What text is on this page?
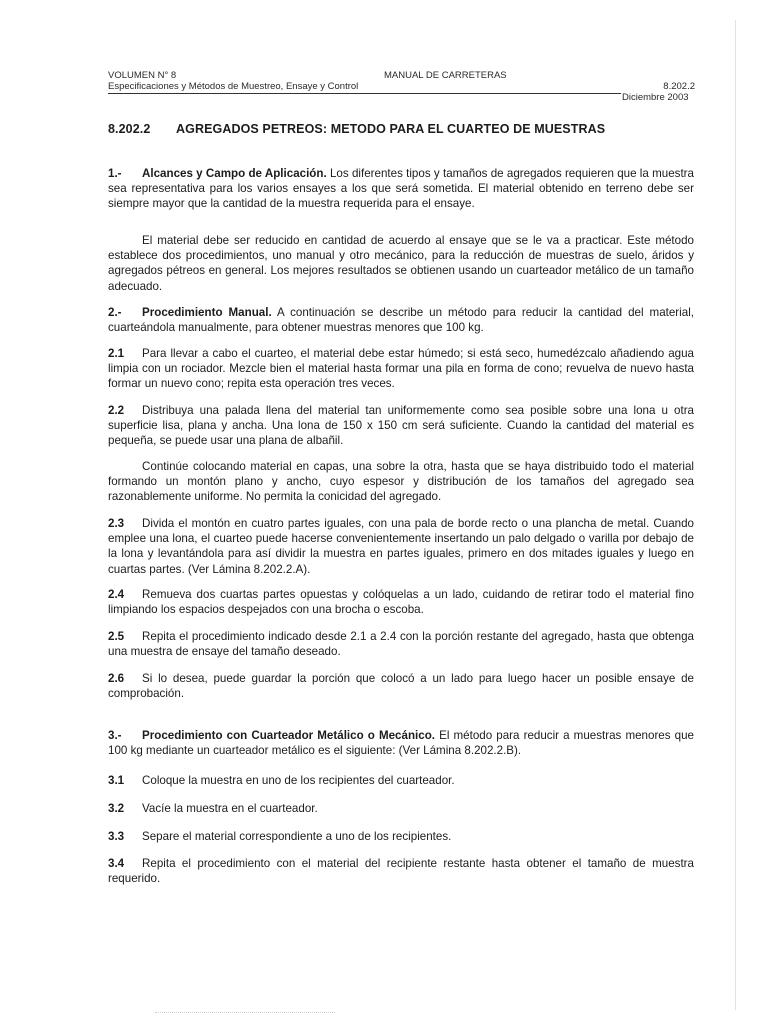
VOLUMEN N° 8
Especificaciones y Métodos de Muestreo, Ensaye y Control
MANUAL DE CARRETERAS
8.202.2
Diciembre 2003
8.202.2 AGREGADOS PETREOS: METODO PARA EL CUARTEO DE MUESTRAS

1.- Alcances y Campo de Aplicación. Los diferentes tipos y tamaños de agregados requieren que la muestra sea representativa para los varios ensayes a los que será sometida. El material obtenido en terreno debe ser siempre mayor que la cantidad de la muestra requerida para el ensaye.

El material debe ser reducido en cantidad de acuerdo al ensaye que se le va a practicar. Este método establece dos procedimientos, uno manual y otro mecánico, para la reducción de muestras de suelo, áridos y agregados pétreos en general. Los mejores resultados se obtienen usando un cuarteador metálico de un tamaño adecuado.

2.- Procedimiento Manual. A continuación se describe un método para reducir la cantidad del material, cuarteándola manualmente, para obtener muestras menores que 100 kg.

2.1 Para llevar a cabo el cuarteo, el material debe estar húmedo; si está seco, humedézcalo añadiendo agua limpia con un rociador. Mezcle bien el material hasta formar una pila en forma de cono; revuelva de nuevo hasta formar un nuevo cono; repita esta operación tres veces.

2.2 Distribuya una palada llena del material tan uniformemente como sea posible sobre una lona u otra superficie lisa, plana y ancha. Una lona de 150 x 150 cm será suficiente. Cuando la cantidad del material es pequeña, se puede usar una plana de albañil.

Continúe colocando material en capas, una sobre la otra, hasta que se haya distribuido todo el material formando un montón plano y ancho, cuyo espesor y distribución de los tamaños del agregado sea razonablemente uniforme. No permita la conicidad del agregado.

2.3 Divida el montón en cuatro partes iguales, con una pala de borde recto o una plancha de metal. Cuando emplee una lona, el cuarteo puede hacerse convenientemente insertando un palo delgado o varilla por debajo de la lona y levantándola para así dividir la muestra en partes iguales, primero en dos mitades iguales y luego en cuartas partes. (Ver Lámina 8.202.2.A).

2.4 Remueva dos cuartas partes opuestas y colóquelas a un lado, cuidando de retirar todo el material fino limpiando los espacios despejados con una brocha o escoba.

2.5 Repita el procedimiento indicado desde 2.1 a 2.4 con la porción restante del agregado, hasta que obtenga una muestra de ensaye del tamaño deseado.

2.6 Si lo desea, puede guardar la porción que colocó a un lado para luego hacer un posible ensaye de comprobación.

3.- Procedimiento con Cuarteador Metálico o Mecánico. El método para reducir a muestras menores que 100 kg mediante un cuarteador metálico es el siguiente: (Ver Lámina 8.202.2.B).

3.1 Coloque la muestra en uno de los recipientes del cuarteador.

3.2 Vacíe la muestra en el cuarteador.

3.3 Separe el material correspondiente a uno de los recipientes.

3.4 Repita el procedimiento con el material del recipiente restante hasta obtener el tamaño de muestra requerido.
